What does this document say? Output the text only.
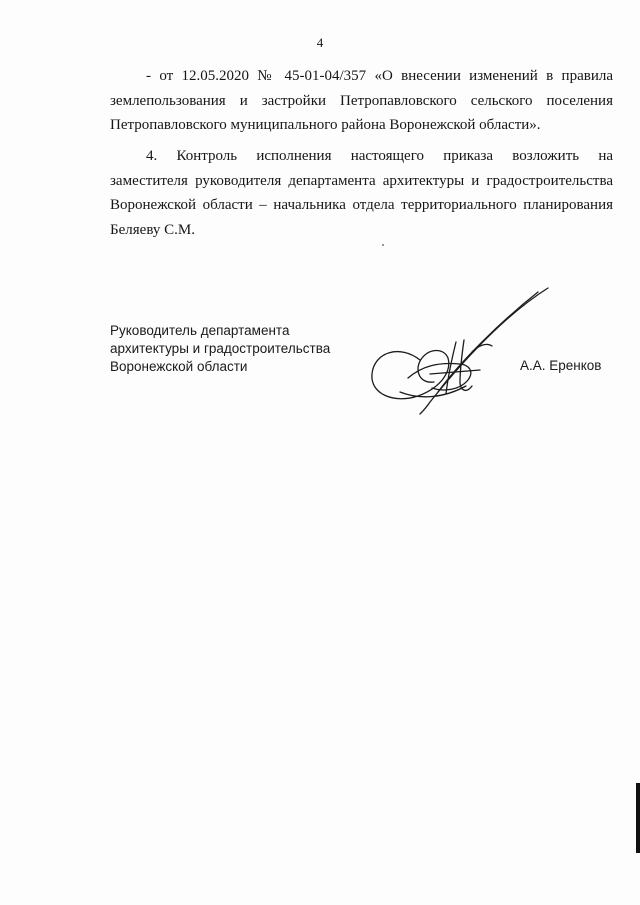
4
- от 12.05.2020 № 45-01-04/357 «О внесении изменений в правила
землепользования и застройки Петропавловского сельского поселения
Петропавловского муниципального района Воронежской области».
4. Контроль исполнения настоящего приказа возложить на
заместителя руководителя департамента архитектуры и градостроительства
Воронежской области – начальника отдела территориального планирования
Беляеву С.М.
Руководитель департамента
архитектуры и градостроительства
Воронежской области	А.А. Еренков
